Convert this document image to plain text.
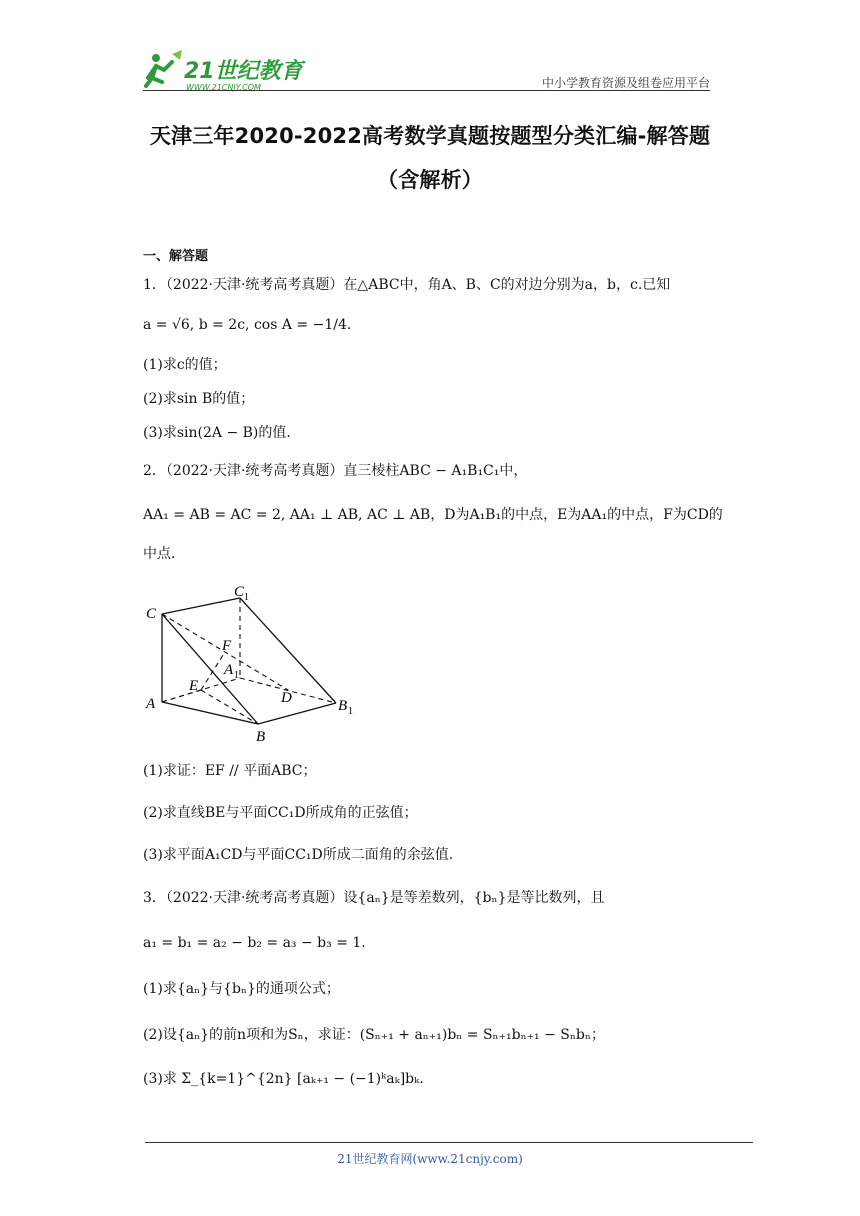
21世纪教育
WWW.21CNJY.COM	中小学教育资源及组卷应用平台
天津三年2020-2022高考数学真题按题型分类汇编-解答题
（含解析）
一、解答题
1．（2022·天津·统考高考真题）在△ABC中，角A、B、C的对边分别为a，b，c.已知
a = √6, b = 2c, cos A = −1/4.
(1)求c的值；
(2)求sin B的值；
(3)求sin(2A − B)的值.
2．（2022·天津·统考高考真题）直三棱柱ABC − A₁B₁C₁中，
AA₁ = AB = AC = 2, AA₁ ⊥ AB, AC ⊥ AB，D为A₁B₁的中点，E为AA₁的中点，F为CD的
中点.
C
C 1
A
A 1
B
B 1
D
E
F
(1)求证：EF // 平面ABC；
(2)求直线BE与平面CC₁D所成角的正弦值；
(3)求平面A₁CD与平面CC₁D所成二面角的余弦值.
3．（2022·天津·统考高考真题）设{aₙ}是等差数列，{bₙ}是等比数列，且
a₁ = b₁ = a₂ − b₂ = a₃ − b₃ = 1.
(1)求{aₙ}与{bₙ}的通项公式；
(2)设{aₙ}的前n项和为Sₙ，求证：(Sₙ₊₁ + aₙ₊₁)bₙ = Sₙ₊₁bₙ₊₁ − Sₙbₙ；
(3)求 Σ_{k=1}^{2n} [aₖ₊₁ − (−1)ᵏaₖ]bₖ.
21世纪教育网(www.21cnjy.com)
